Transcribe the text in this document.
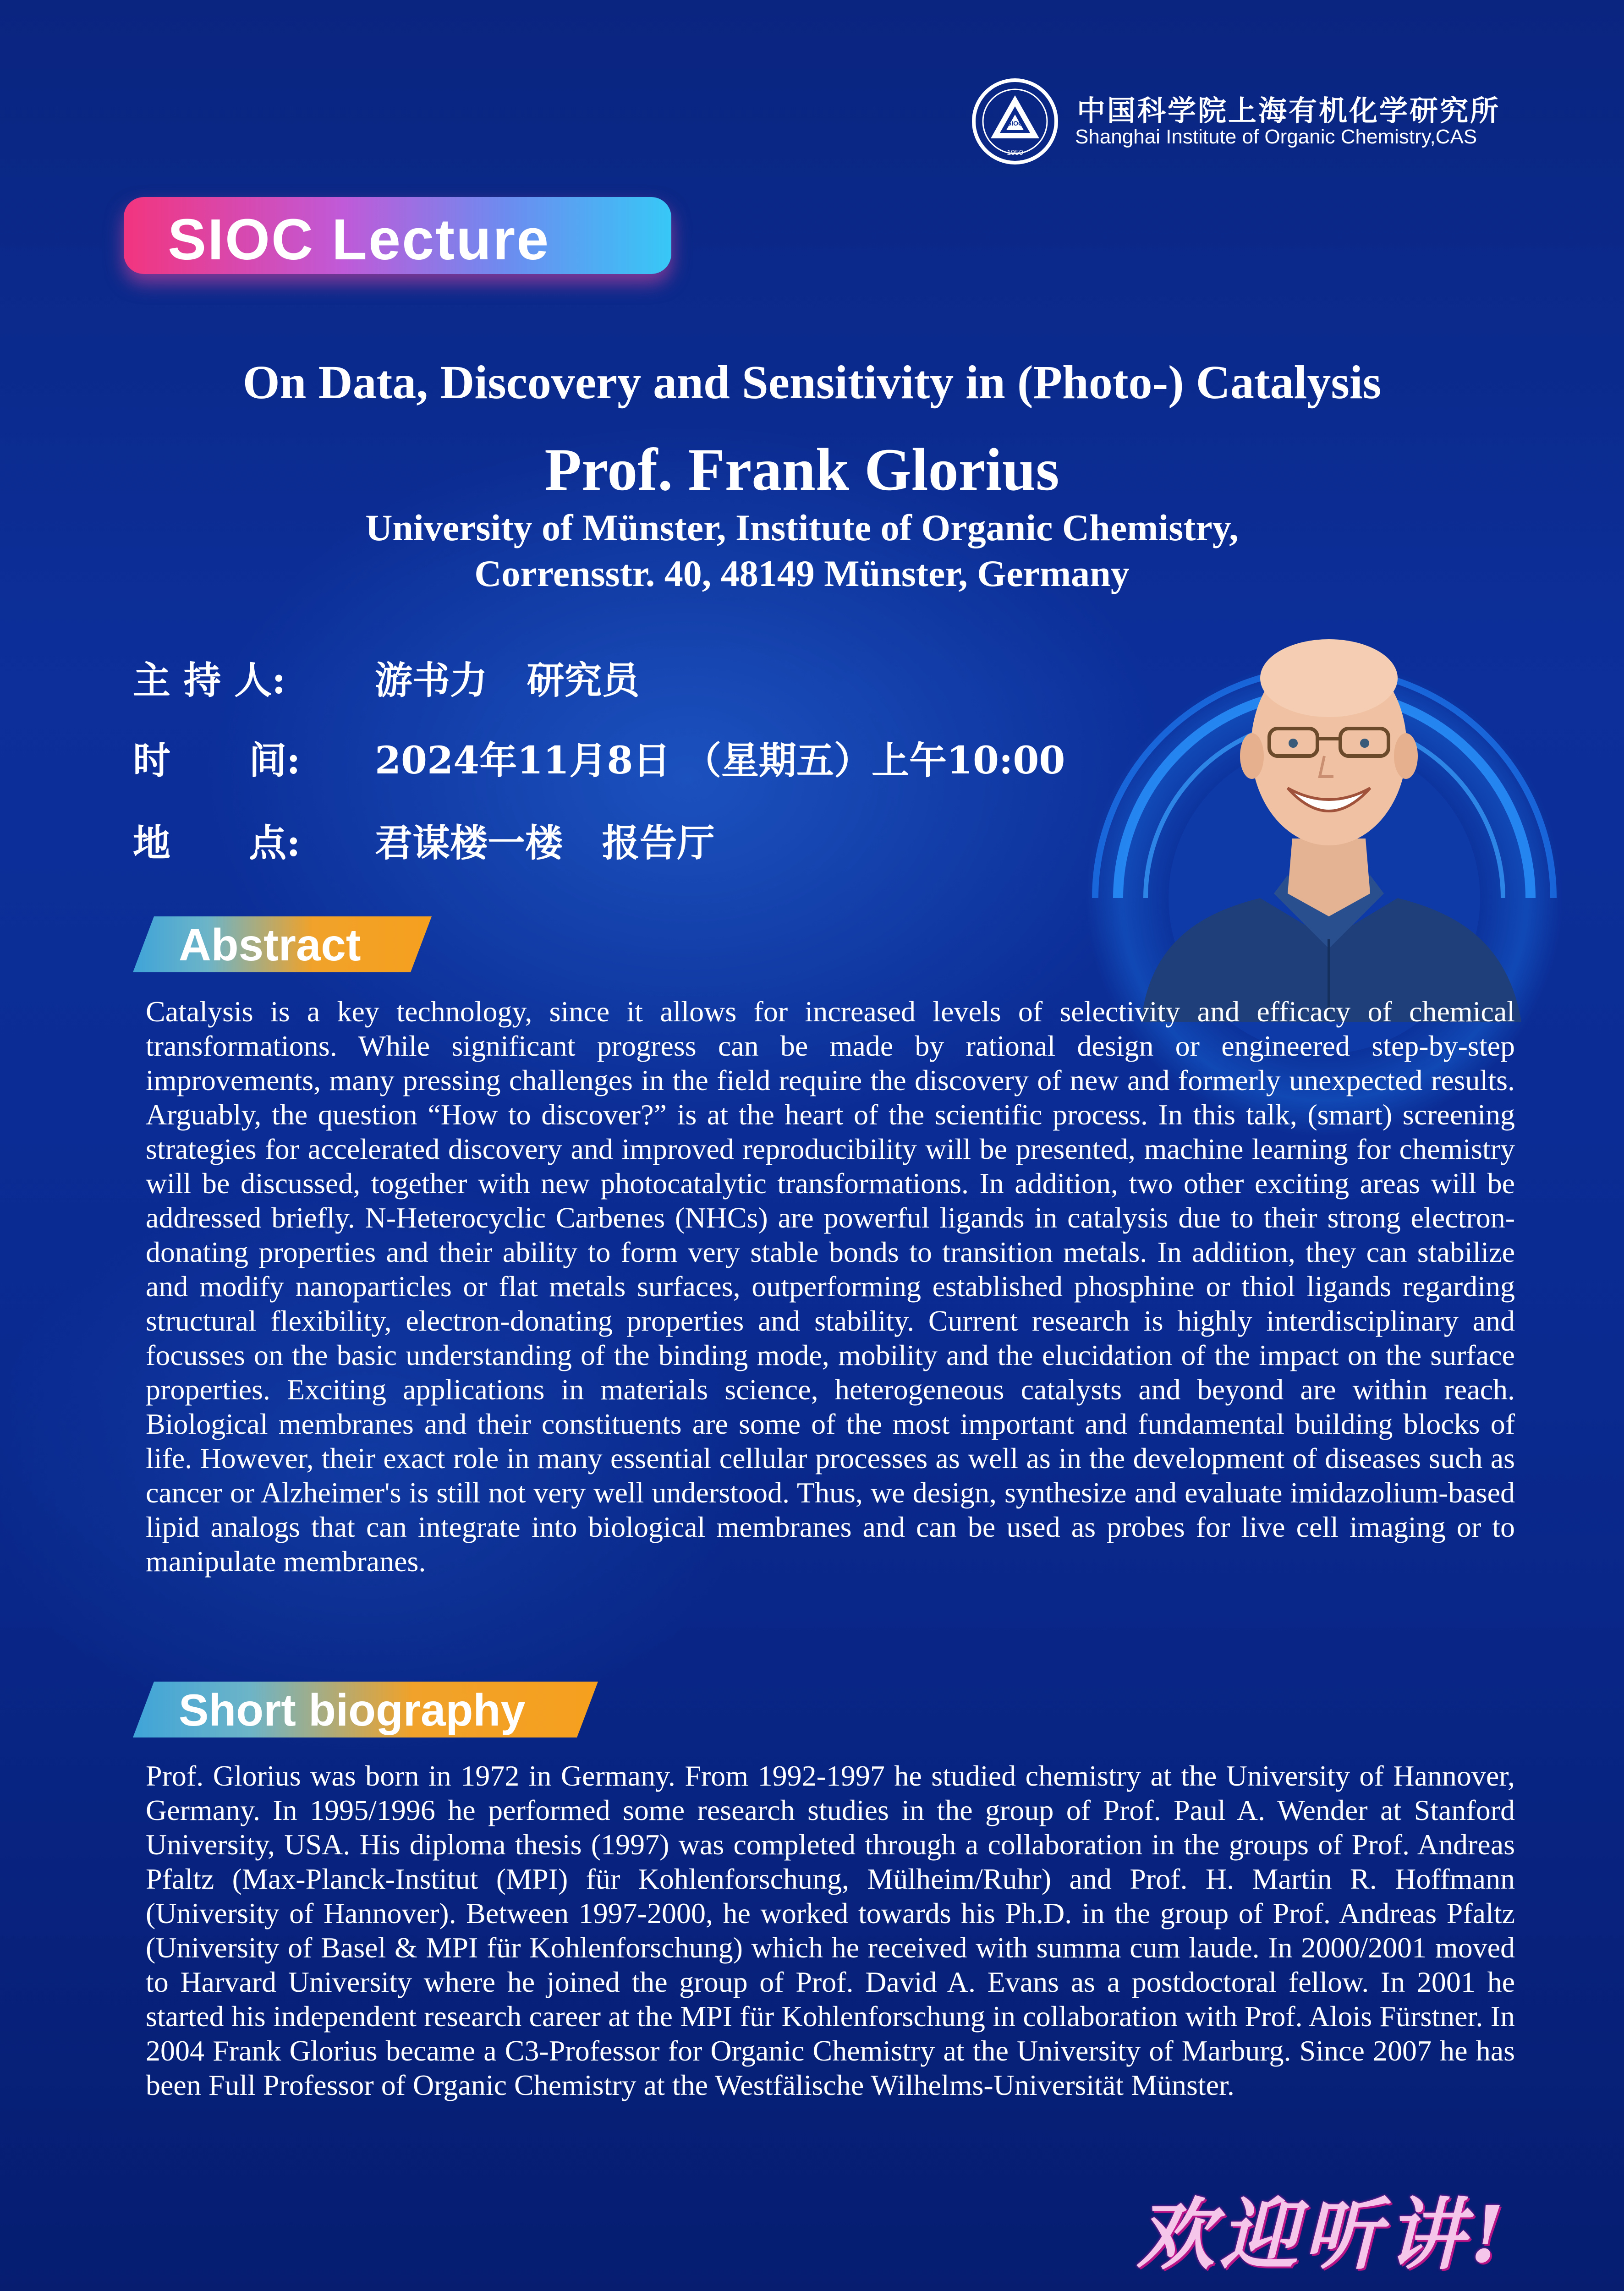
SIOC
1950
中国科学院上海有机化学研究所
Shanghai Institute of Organic Chemistry,CAS
SIOC Lecture
On Data, Discovery and Sensitivity in (Photo-) Catalysis
Prof. Frank Glorius
University of Münster, Institute of Organic Chemistry,
Corrensstr. 40, 48149 Münster, Germany
主 持 人: 游书力   研究员
时      间: 2024年11月8日 （星期五）上午10:00
地      点: 君谋楼一楼   报告厅
Abstract
Catalysis is a key technology, since it allows for increased levels of selectivity and efficacy of chemical transformations. While significant progress can be made by rational design or engineered step-by-step improvements, many pressing challenges in the field require the discovery of new and formerly unexpected results. Arguably, the question “How to discover?” is at the heart of the scientific process. In this talk, (smart) screening strategies for accelerated discovery and improved reproducibility will be presented, machine learning for chemistry will be discussed, together with new photocatalytic transformations. In addition, two other exciting areas will be addressed briefly. N-Heterocyclic Carbenes (NHCs) are powerful ligands in catalysis due to their strong electron-donating properties and their ability to form very stable bonds to transition metals. In addition, they can stabilize and modify nanoparticles or flat metals surfaces, outperforming established phosphine or thiol ligands regarding structural flexibility, electron-donating properties and stability. Current research is highly interdisciplinary and focusses on the basic understanding of the binding mode, mobility and the elucidation of the impact on the surface properties. Exciting applications in materials science, heterogeneous catalysts and beyond are within reach. Biological membranes and their constituents are some of the most important and fundamental building blocks of life. However, their exact role in many essential cellular processes as well as in the development of diseases such as cancer or Alzheimer's is still not very well understood. Thus, we design, synthesize and evaluate imidazolium-based lipid analogs that can integrate into biological membranes and can be used as probes for live cell imaging or to manipulate membranes.
Short biography
Prof. Glorius was born in 1972 in Germany. From 1992-1997 he studied chemistry at the University of Hannover, Germany. In 1995/1996 he performed some research studies in the group of Prof. Paul A. Wender at Stanford University, USA. His diploma thesis (1997) was completed through a collaboration in the groups of Prof. Andreas Pfaltz (Max-Planck-Institut (MPI) für Kohlenforschung, Mülheim/Ruhr) and Prof. H. Martin R. Hoffmann (University of Hannover). Between 1997-2000, he worked towards his Ph.D. in the group of Prof. Andreas Pfaltz (University of Basel & MPI für Kohlenforschung) which he received with summa cum laude. In 2000/2001 moved to Harvard University where he joined the group of Prof. David A. Evans as a postdoctoral fellow. In 2001 he started his independent research career at the MPI für Kohlenforschung in collaboration with Prof. Alois Fürstner. In 2004 Frank Glorius became a C3-Professor for Organic Chemistry at the University of Marburg. Since 2007 he has been Full Professor of Organic Chemistry at the Westfälische Wilhelms-Universität Münster.
欢迎听讲!
